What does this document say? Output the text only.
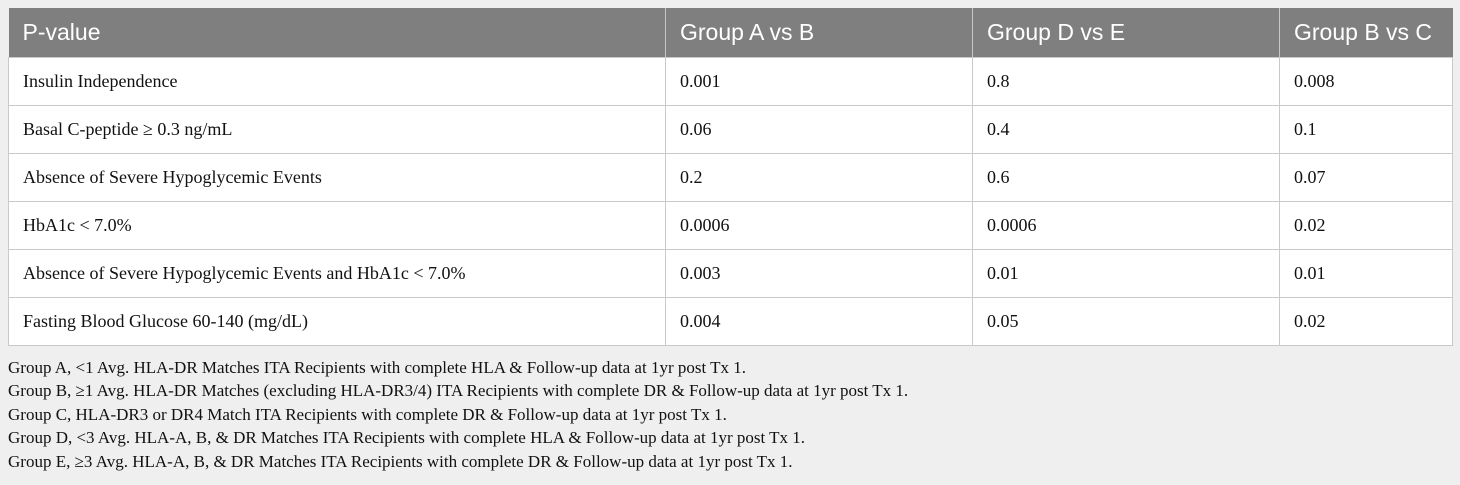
P-value	Group A vs B	Group D vs E	Group B vs C
Insulin Independence	0.001	0.8	0.008
Basal C-peptide ≥ 0.3 ng/mL	0.06	0.4	0.1
Absence of Severe Hypoglycemic Events	0.2	0.6	0.07
HbA1c < 7.0%	0.0006	0.0006	0.02
Absence of Severe Hypoglycemic Events and HbA1c < 7.0%	0.003	0.01	0.01
Fasting Blood Glucose 60-140 (mg/dL)	0.004	0.05	0.02
Group A, <1 Avg. HLA-DR Matches ITA Recipients with complete HLA & Follow-up data at 1yr post Tx 1.
Group B, ≥1 Avg. HLA-DR Matches (excluding HLA-DR3/4) ITA Recipients with complete DR & Follow-up data at 1yr post Tx 1.
Group C, HLA-DR3 or DR4 Match ITA Recipients with complete DR & Follow-up data at 1yr post Tx 1.
Group D, <3 Avg. HLA-A, B, & DR Matches ITA Recipients with complete HLA & Follow-up data at 1yr post Tx 1.
Group E, ≥3 Avg. HLA-A, B, & DR Matches ITA Recipients with complete DR & Follow-up data at 1yr post Tx 1.
